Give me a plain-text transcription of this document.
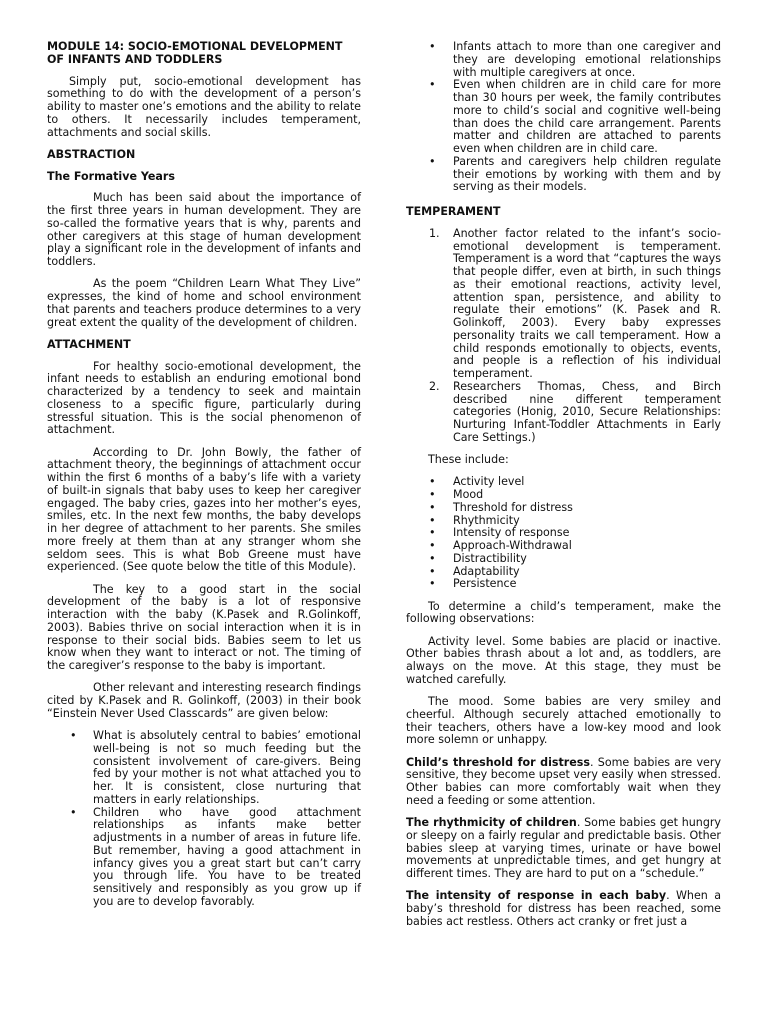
MODULE 14: SOCIO-EMOTIONAL DEVELOPMENT OF INFANTS AND TODDLERS

Simply put, socio-emotional development has something to do with the development of a person’s ability to master one’s emotions and the ability to relate to others. It necessarily includes temperament, attachments and social skills.

ABSTRACTION

The Formative Years

Much has been said about the importance of the first three years in human development. They are so-called the formative years that is why, parents and other caregivers at this stage of human development play a significant role in the development of infants and toddlers.

As the poem “Children Learn What They Live” expresses, the kind of home and school environment that parents and teachers produce determines to a very great extent the quality of the development of children.

ATTACHMENT

For healthy socio-emotional development, the infant needs to establish an enduring emotional bond characterized by a tendency to seek and maintain closeness to a specific figure, particularly during stressful situation. This is the social phenomenon of attachment.

According to Dr. John Bowly, the father of attachment theory, the beginnings of attachment occur within the first 6 months of a baby’s life with a variety of built-in signals that baby uses to keep her caregiver engaged. The baby cries, gazes into her mother’s eyes, smiles, etc. In the next few months, the baby develops in her degree of attachment to her parents. She smiles more freely at them than at any stranger whom she seldom sees. This is what Bob Greene must have experienced. (See quote below the title of this Module).

The key to a good start in the social development of the baby is a lot of responsive interaction with the baby (K.Pasek and R.Golinkoff, 2003). Babies thrive on social interaction when it is in response to their social bids. Babies seem to let us know when they want to interact or not. The timing of the caregiver’s response to the baby is important.

Other relevant and interesting research findings cited by K.Pasek and R. Golinkoff, (2003) in their book “Einstein Never Used Classcards” are given below:

• What is absolutely central to babies’ emotional well-being is not so much feeding but the consistent involvement of care-givers. Being fed by your mother is not what attached you to her. It is consistent, close nurturing that matters in early relationships.
• Children who have good attachment relationships as infants make better adjustments in a number of areas in future life. But remember, having a good attachment in infancy gives you a great start but can’t carry you through life. You have to be treated sensitively and responsibly as you grow up if you are to develop favorably.
• Infants attach to more than one caregiver and they are developing emotional relationships with multiple caregivers at once.
• Even when children are in child care for more than 30 hours per week, the family contributes more to child’s social and cognitive well-being than does the child care arrangement. Parents matter and children are attached to parents even when children are in child care.
• Parents and caregivers help children regulate their emotions by working with them and by serving as their models.

TEMPERAMENT

1. Another factor related to the infant’s socio-emotional development is temperament. Temperament is a word that “captures the ways that people differ, even at birth, in such things as their emotional reactions, activity level, attention span, persistence, and ability to regulate their emotions” (K. Pasek and R. Golinkoff, 2003). Every baby expresses personality traits we call temperament. How a child responds emotionally to objects, events, and people is a reflection of his individual temperament.
2. Researchers Thomas, Chess, and Birch described nine different temperament categories (Honig, 2010, Secure Relationships: Nurturing Infant-Toddler Attachments in Early Care Settings.)

These include:

• Activity level
• Mood
• Threshold for distress
• Rhythmicity
• Intensity of response
• Approach-Withdrawal
• Distractibility
• Adaptability
• Persistence

To determine a child’s temperament, make the following observations:

Activity level. Some babies are placid or inactive. Other babies thrash about a lot and, as toddlers, are always on the move. At this stage, they must be watched carefully.

The mood. Some babies are very smiley and cheerful. Although securely attached emotionally to their teachers, others have a low-key mood and look more solemn or unhappy.

Child’s threshold for distress. Some babies are very sensitive, they become upset very easily when stressed. Other babies can more comfortably wait when they need a feeding or some attention.

The rhythmicity of children. Some babies get hungry or sleepy on a fairly regular and predictable basis. Other babies sleep at varying times, urinate or have bowel movements at unpredictable times, and get hungry at different times. They are hard to put on a “schedule.”

The intensity of response in each baby. When a baby’s threshold for distress has been reached, some babies act restless. Others act cranky or fret just a
